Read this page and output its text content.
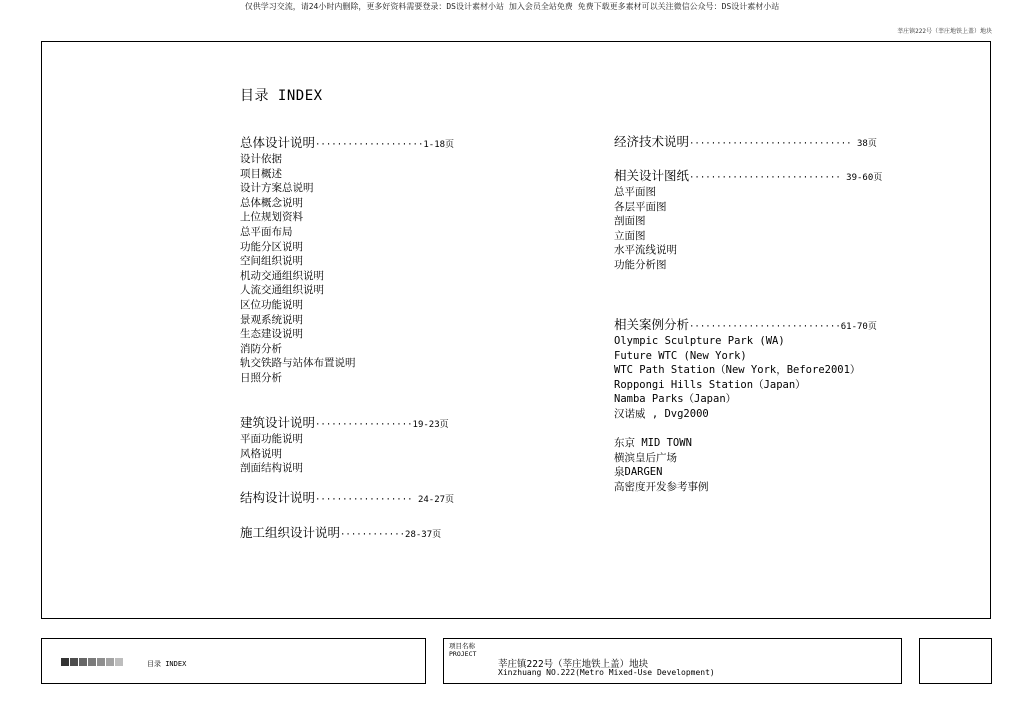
仅供学习交流，请24小时内删除，更多好资料需要登录：DS设计素材小站 加入会员全站免费 免费下载更多素材可以关注微信公众号：DS设计素材小站
莘庄镇222号（莘庄地铁上盖）地块
目录 INDEX
总体设计说明····················1-18页
设计依据
项目概述
设计方案总说明
总体概念说明
上位规划资料
总平面布局
功能分区说明
空间组织说明
机动交通组织说明
人流交通组织说明
区位功能说明
景观系统说明
生态建设说明
消防分析
轨交铁路与站体布置说明
日照分析
建筑设计说明··················19-23页
平面功能说明
风格说明
剖面结构说明
结构设计说明·················· 24-27页
施工组织设计说明············28-37页
经济技术说明······························ 38页
相关设计图纸···························· 39-60页
总平面图
各层平面图
剖面图
立面图
水平流线说明
功能分析图
相关案例分析····························61-70页
Olympic Sculpture Park (WA)
Future WTC (New York)
WTC Path Station（New York，Before2001）
Roppongi Hills Station（Japan）
Namba Parks（Japan）
汉诺威 , Dvg2000
东京 MID TOWN
横滨皇后广场
泉DARGEN
高密度开发参考事例
目录 INDEX
项目名称
PROJECT
莘庄镇222号（莘庄地铁上盖）地块
Xinzhuang NO.222(Metro Mixed-Use Development)
